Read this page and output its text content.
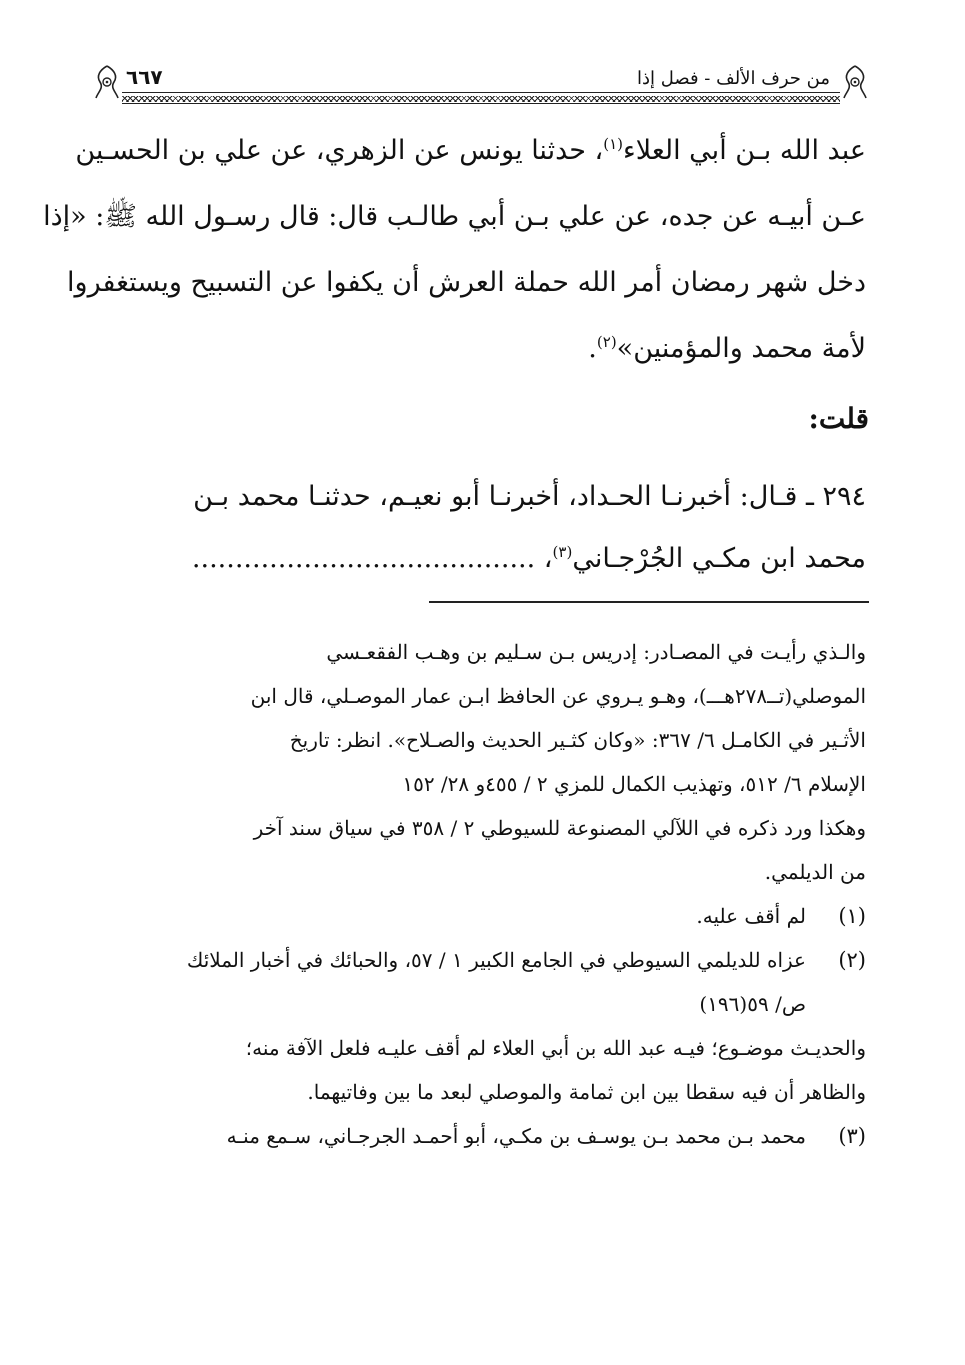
من حرف الألف - فصل إذا
٦٦٧

عبد الله بـن أبي العلاء$^{(١)}$، حدثنا يونس عن الزهري، عن علي بن الحسـين

عـن أبيـه عن جده، عن علي بـن أبي طالـب قال: قال رسـول الله ﷺ: «إذا

دخل شهر رمضان أمر الله حملة العرش أن يكفوا عن التسبيح ويستغفروا

لأمة محمد والمؤمنين»$^{(٢)}$.

قلت:

٢٩٤ ـ قـال: أخبرنـا الحـداد، أخبرنـا أبو نعيـم، حدثنـا محمد بـن

محمد ابن مكـي الجُرْجـاني$^{(٣)}$، ........................................

والـذي رأيـت في المصـادر: إدريس بـن سـليم بن وهـب الفقعـسي
الموصلي(تــ٢٧٨هـــ)، وهـو يـروي عن الحافظ ابـن عمار الموصـلي، قال ابن
الأثـير في الكامـل ٦/ ٣٦٧: «وكان كثـير الحديث والصـلاح». انظر: تاريخ
الإسلام ٦/ ٥١٢، وتهذيب الكمال للمزي ٢ / ٤٥٥و ٢٨/ ١٥٢
وهكذا ورد ذكره في اللآلي المصنوعة للسيوطي ٢ / ٣٥٨ في سياق سند آخر
من الديلمي.
(١)
لم أقف عليه.
(٢)
عزاه للديلمي السيوطي في الجامع الكبير ١ / ٥٧، والحبائك في أخبار الملائك
ص/ ٥٩(١٩٦)
والحديـث موضـوع؛ فيـه عبد الله بن أبي العلاء لم أقف عليـه فلعل الآفة منه؛
والظاهر أن فيه سقطا بين ابن ثمامة والموصلي لبعد ما بين وفاتيهما.
(٣)
محمد بـن محمد بـن يوسـف بن مكـي، أبو أحمـد الجرجـاني، سـمع منـه
